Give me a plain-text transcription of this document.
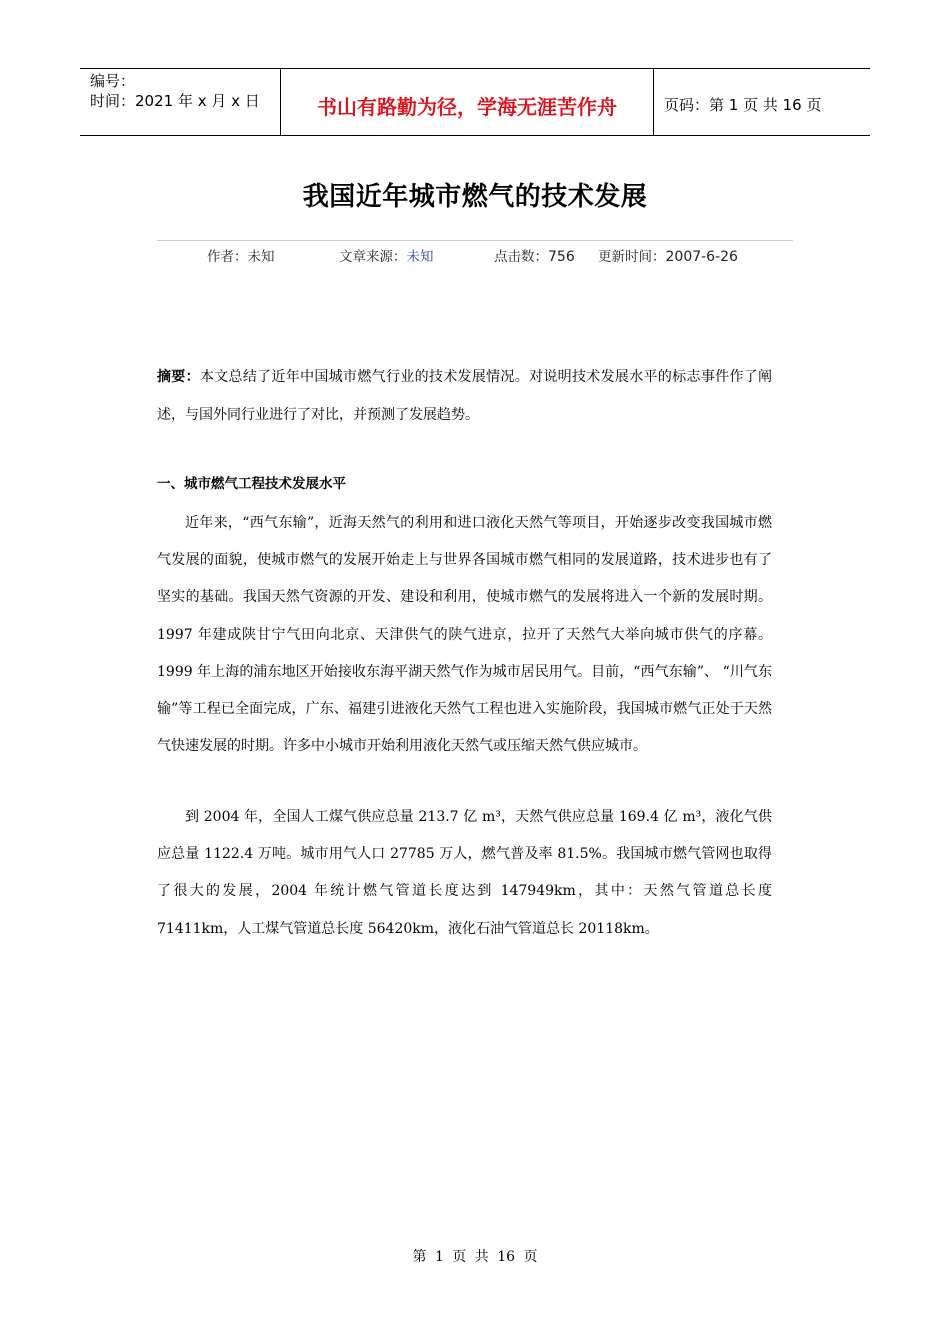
编号：
时间：2021 年 x 月 x 日	书山有路勤为径，学海无涯苦作舟	页码：第 1 页 共 16 页
我国近年城市燃气的技术发展
作者：未知	文章来源：未知	点击数：756 更新时间：2007-6-26
摘要：本文总结了近年中国城市燃气行业的技术发展情况。对说明技术发展水平的标志事件作了阐述，与国外同行业进行了对比，并预测了发展趋势。
一、城市燃气工程技术发展水平
近年来，“西气东输”，近海天然气的利用和进口液化天然气等项目，开始逐步改变我国城市燃气发展的面貌，使城市燃气的发展开始走上与世界各国城市燃气相同的发展道路，技术进步也有了坚实的基础。我国天然气资源的开发、建设和利用，使城市燃气的发展将进入一个新的发展时期。1997 年建成陕甘宁气田向北京、天津供气的陕气进京，拉开了天然气大举向城市供气的序幕。1999 年上海的浦东地区开始接收东海平湖天然气作为城市居民用气。目前，“西气东输”、 “川气东输”等工程已全面完成，广东、福建引进液化天然气工程也进入实施阶段，我国城市燃气正处于天然气快速发展的时期。许多中小城市开始利用液化天然气或压缩天然气供应城市。
到 2004 年，全国人工煤气供应总量 213.7 亿 m³，天然气供应总量 169.4 亿 m³，液化气供应总量 1122.4 万吨。城市用气人口 27785 万人，燃气普及率 81.5%。我国城市燃气管网也取得了很大的发展，2004 年统计燃气管道长度达到 147949km，其中：天然气管道总长度 71411km，人工煤气管道总长度 56420km，液化石油气管道总长 20118km。
第 1 页 共 16 页
